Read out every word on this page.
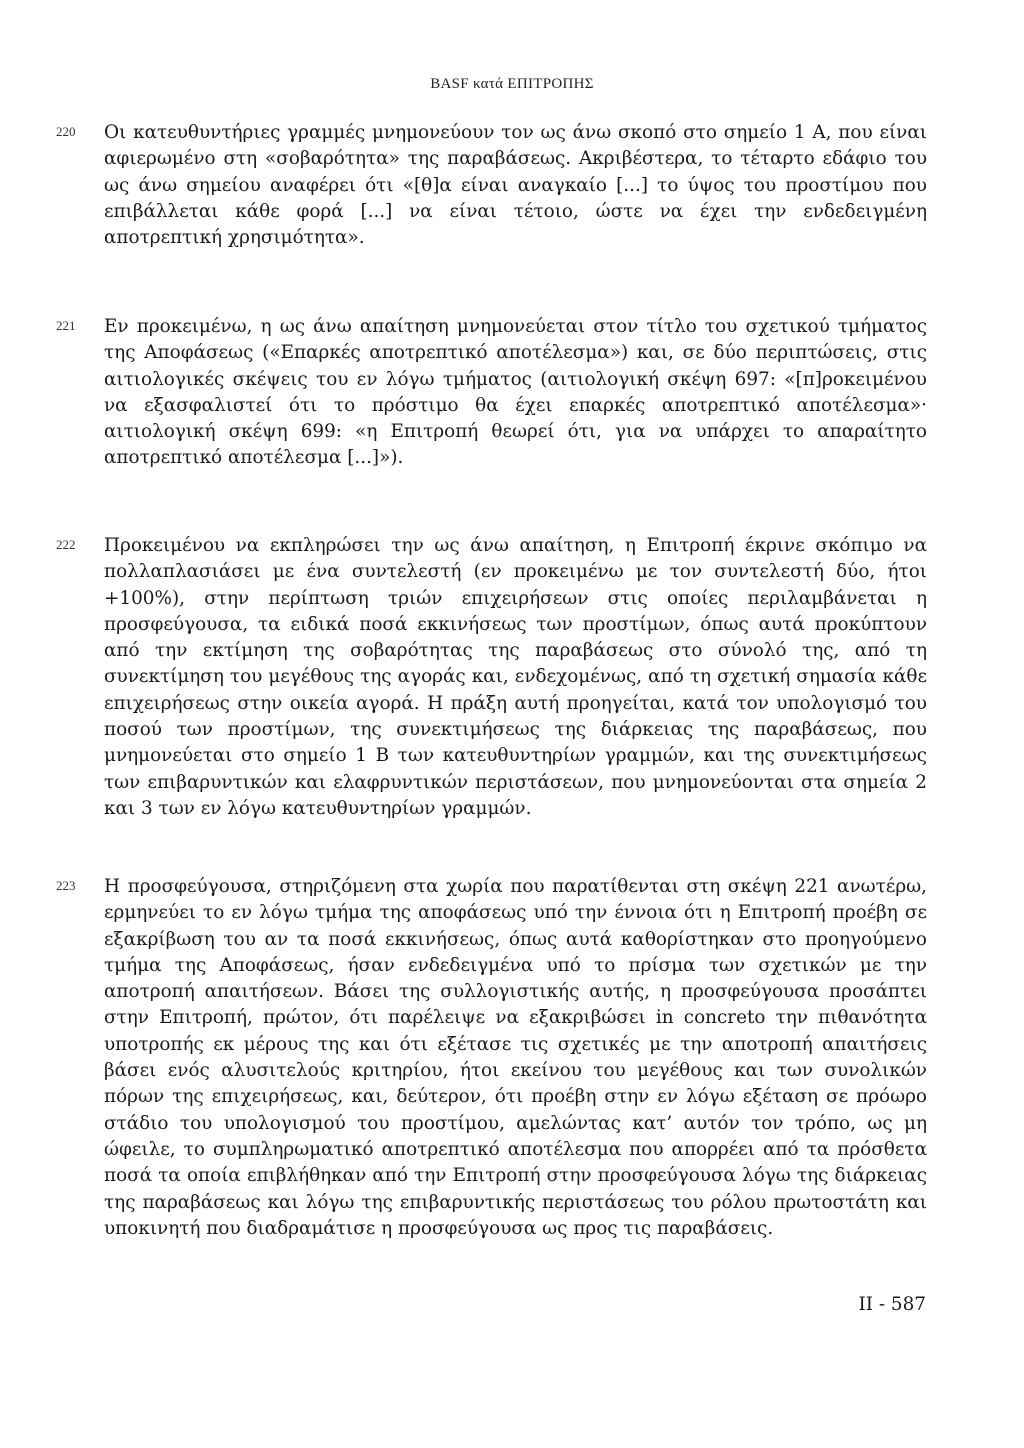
BASF κατά ΕΠΙΤΡΟΠΗΣ
220 Οι κατευθυντήριες γραμμές μνημονεύουν τον ως άνω σκοπό στο σημείο 1 A, που είναι αφιερωμένο στη «σοβαρότητα» της παραβάσεως. Ακριβέστερα, το τέταρτο εδάφιο του ως άνω σημείου αναφέρει ότι «[θ]α είναι αναγκαίο [...] το ύψος του προστίμου που επιβάλλεται κάθε φορά [...] να είναι τέτοιο, ώστε να έχει την ενδεδειγμένη αποτρεπτική χρησιμότητα».

221 Εν προκειμένω, η ως άνω απαίτηση μνημονεύεται στον τίτλο του σχετικού τμήματος της Αποφάσεως («Επαρκές αποτρεπτικό αποτέλεσμα») και, σε δύο περιπτώσεις, στις αιτιολογικές σκέψεις του εν λόγω τμήματος (αιτιολογική σκέψη 697: «[π]ροκειμένου να εξασφαλιστεί ότι το πρόστιμο θα έχει επαρκές αποτρεπτικό αποτέλεσμα»· αιτιολογική σκέψη 699: «η Επιτροπή θεωρεί ότι, για να υπάρχει το απαραίτητο αποτρεπτικό αποτέλεσμα [...]»).

222 Προκειμένου να εκπληρώσει την ως άνω απαίτηση, η Επιτροπή έκρινε σκόπιμο να πολλαπλασιάσει με ένα συντελεστή (εν προκειμένω με τον συντελεστή δύο, ήτοι +100%), στην περίπτωση τριών επιχειρήσεων στις οποίες περιλαμβάνεται η προσφεύγουσα, τα ειδικά ποσά εκκινήσεως των προστίμων, όπως αυτά προκύπτουν από την εκτίμηση της σοβαρότητας της παραβάσεως στο σύνολό της, από τη συνεκτίμηση του μεγέθους της αγοράς και, ενδεχομένως, από τη σχετική σημασία κάθε επιχειρήσεως στην οικεία αγορά. Η πράξη αυτή προηγείται, κατά τον υπολογισμό του ποσού των προστίμων, της συνεκτιμήσεως της διάρκειας της παραβάσεως, που μνημονεύεται στο σημείο 1 B των κατευθυντηρίων γραμμών, και της συνεκτιμήσεως των επιβαρυντικών και ελαφρυντικών περιστάσεων, που μνημονεύονται στα σημεία 2 και 3 των εν λόγω κατευθυντηρίων γραμμών.

223 Η προσφεύγουσα, στηριζόμενη στα χωρία που παρατίθενται στη σκέψη 221 ανωτέρω, ερμηνεύει το εν λόγω τμήμα της αποφάσεως υπό την έννοια ότι η Επιτροπή προέβη σε εξακρίβωση του αν τα ποσά εκκινήσεως, όπως αυτά καθορίστηκαν στο προηγούμενο τμήμα της Αποφάσεως, ήσαν ενδεδειγμένα υπό το πρίσμα των σχετικών με την αποτροπή απαιτήσεων. Βάσει της συλλογιστικής αυτής, η προσφεύγουσα προσάπτει στην Επιτροπή, πρώτον, ότι παρέλειψε να εξακριβώσει in concreto την πιθανότητα υποτροπής εκ μέρους της και ότι εξέτασε τις σχετικές με την αποτροπή απαιτήσεις βάσει ενός αλυσιτελούς κριτηρίου, ήτοι εκείνου του μεγέθους και των συνολικών πόρων της επιχειρήσεως, και, δεύτερον, ότι προέβη στην εν λόγω εξέταση σε πρόωρο στάδιο του υπολογισμού του προστίμου, αμελώντας κατ’ αυτόν τον τρόπο, ως μη ώφειλε, το συμπληρωματικό αποτρεπτικό αποτέλεσμα που απορρέει από τα πρόσθετα ποσά τα οποία επιβλήθηκαν από την Επιτροπή στην προσφεύγουσα λόγω της διάρκειας της παραβάσεως και λόγω της επιβαρυντικής περιστάσεως του ρόλου πρωτοστάτη και υποκινητή που διαδραμάτισε η προσφεύγουσα ως προς τις παραβάσεις.

II - 587
